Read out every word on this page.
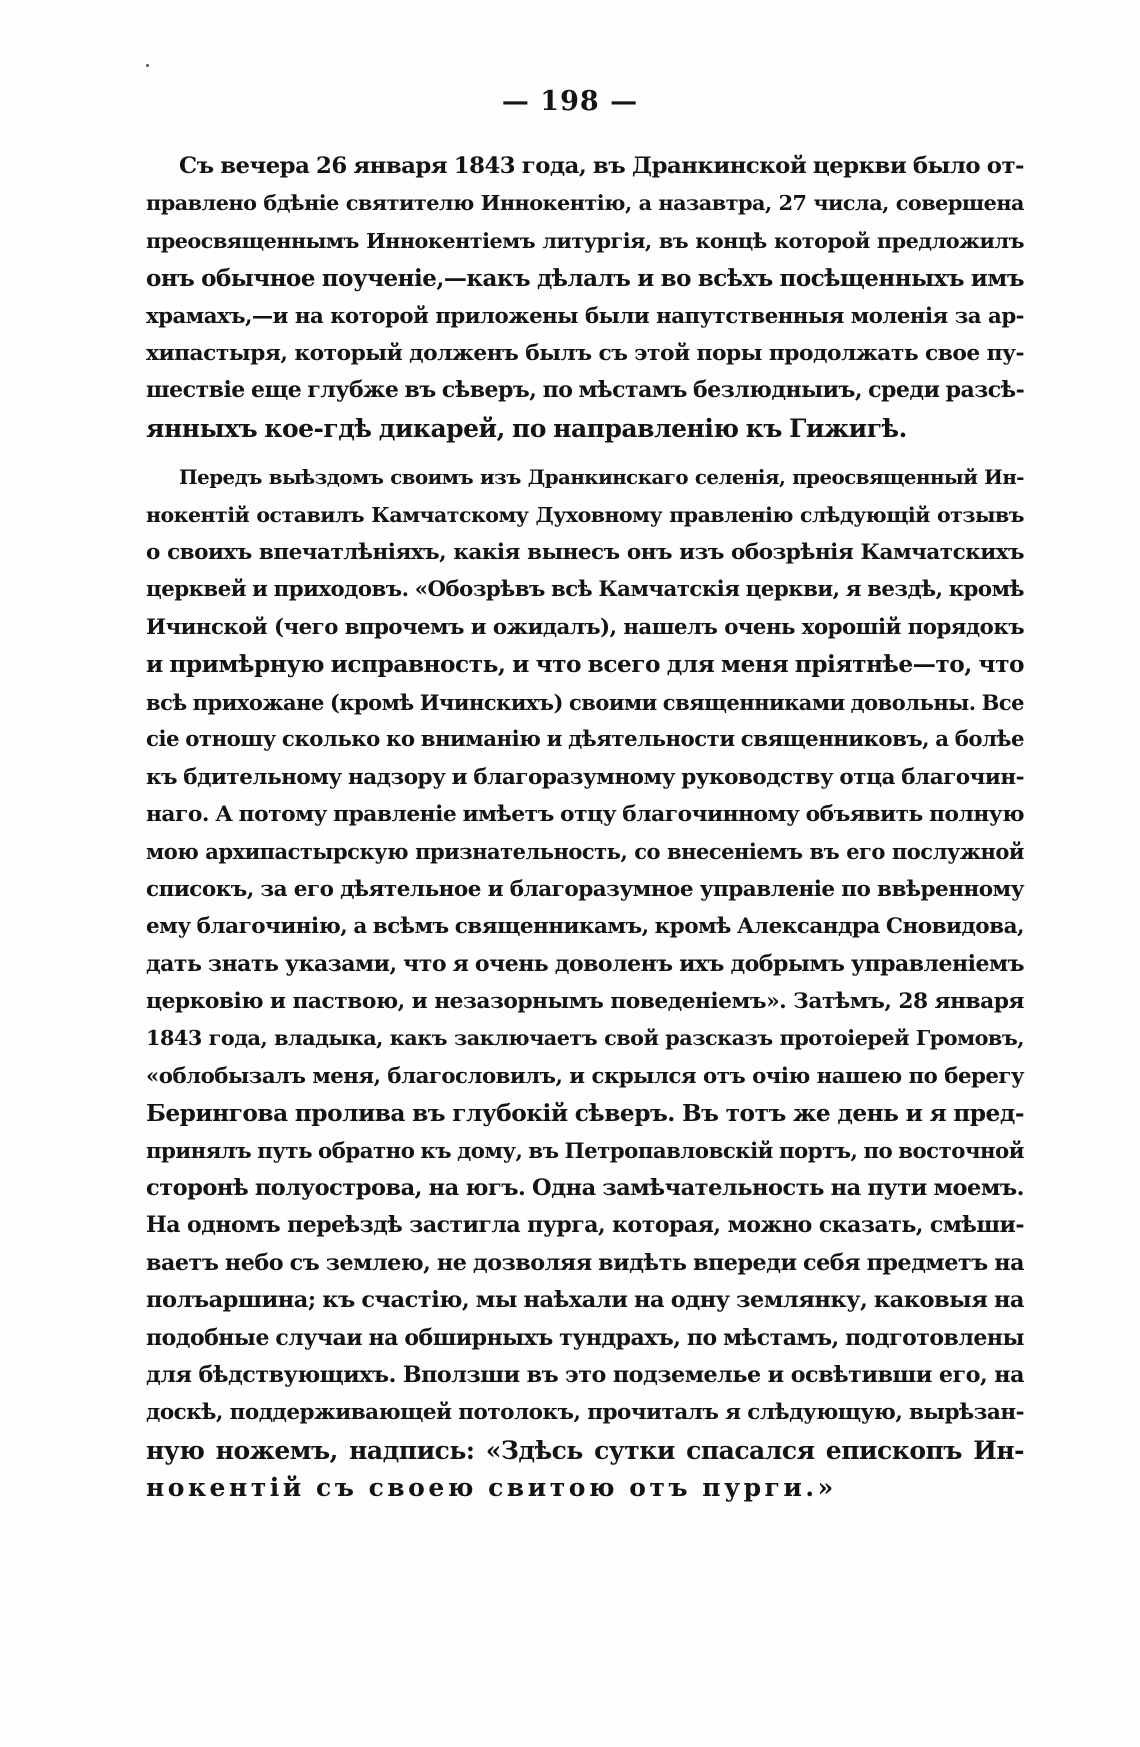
— 198 —
Съ вечера 26 января 1843 года, въ Дранкинской церкви было от-
правлено бдѣніе святителю Иннокентію, а назавтра, 27 числа, совершена
преосвященнымъ Иннокентіемъ литургія, въ концѣ которой предложилъ
онъ обычное поученіе,—какъ дѣлалъ и во всѣхъ посѣщенныхъ имъ
храмахъ,—и на которой приложены были напутственныя моленія за ар-
хипастыря, который долженъ былъ съ этой поры продолжать свое пу-
шествіе еще глубже въ сѣверъ, по мѣстамъ безлюдныиъ, среди разсѣ-
янныхъ кое-гдѣ дикарей, по направленію къ Гижигѣ.
Передъ выѣздомъ своимъ изъ Дранкинскаго селенія, преосвященный Ин-
нокентій оставилъ Камчатскому Духовному правленію слѣдующій отзывъ
о своихъ впечатлѣніяхъ, какія вынесъ онъ изъ обозрѣнія Камчатскихъ
церквей и приходовъ. «Обозрѣвъ всѣ Камчатскія церкви, я вездѣ, кромѣ
Ичинской (чего впрочемъ и ожидалъ), нашелъ очень хорошій порядокъ
и примѣрную исправность, и что всего для меня пріятнѣе—то, что
всѣ прихожане (кромѣ Ичинскихъ) своими священниками довольны. Все
сіе отношу сколько ко вниманію и дѣятельности священниковъ, а болѣе
къ бдительному надзору и благоразумному руководству отца благочин-
наго. А потому правленіе имѣетъ отцу благочинному объявить полную
мою архипастырскую признательность, со внесеніемъ въ его послужной
списокъ, за его дѣятельное и благоразумное управленіе по ввѣренному
ему благочинію, а всѣмъ священникамъ, кромѣ Александра Сновидова,
дать знать указами, что я очень доволенъ ихъ добрымъ управленіемъ
церковію и паствою, и незазорнымъ поведеніемъ». Затѣмъ, 28 января
1843 года, владыка, какъ заключаетъ свой разсказъ протоіерей Громовъ,
«облобызалъ меня, благословилъ, и скрылся отъ очію нашею по берегу
Берингова пролива въ глубокій сѣверъ. Въ тотъ же день и я пред-
принялъ путь обратно къ дому, въ Петропавловскій портъ, по восточной
сторонѣ полуострова, на югъ. Одна замѣчательность на пути моемъ.
На одномъ переѣздѣ застигла пурга, которая, можно сказать, смѣши-
ваетъ небо съ землею, не дозволяя видѣть впереди себя предметъ на
полъаршина; къ счастію, мы наѣхали на одну землянку, каковыя на
подобные случаи на обширныхъ тундрахъ, по мѣстамъ, подготовлены
для бѣдствующихъ. Вползши въ это подземелье и освѣтивши его, на
доскѣ, поддерживающей потолокъ, прочиталъ я слѣдующую, вырѣзан-
ную ножемъ, надпись: «Здѣсь сутки спасался епископъ Ин-
нокентій съ своею свитою отъ пурги.»
